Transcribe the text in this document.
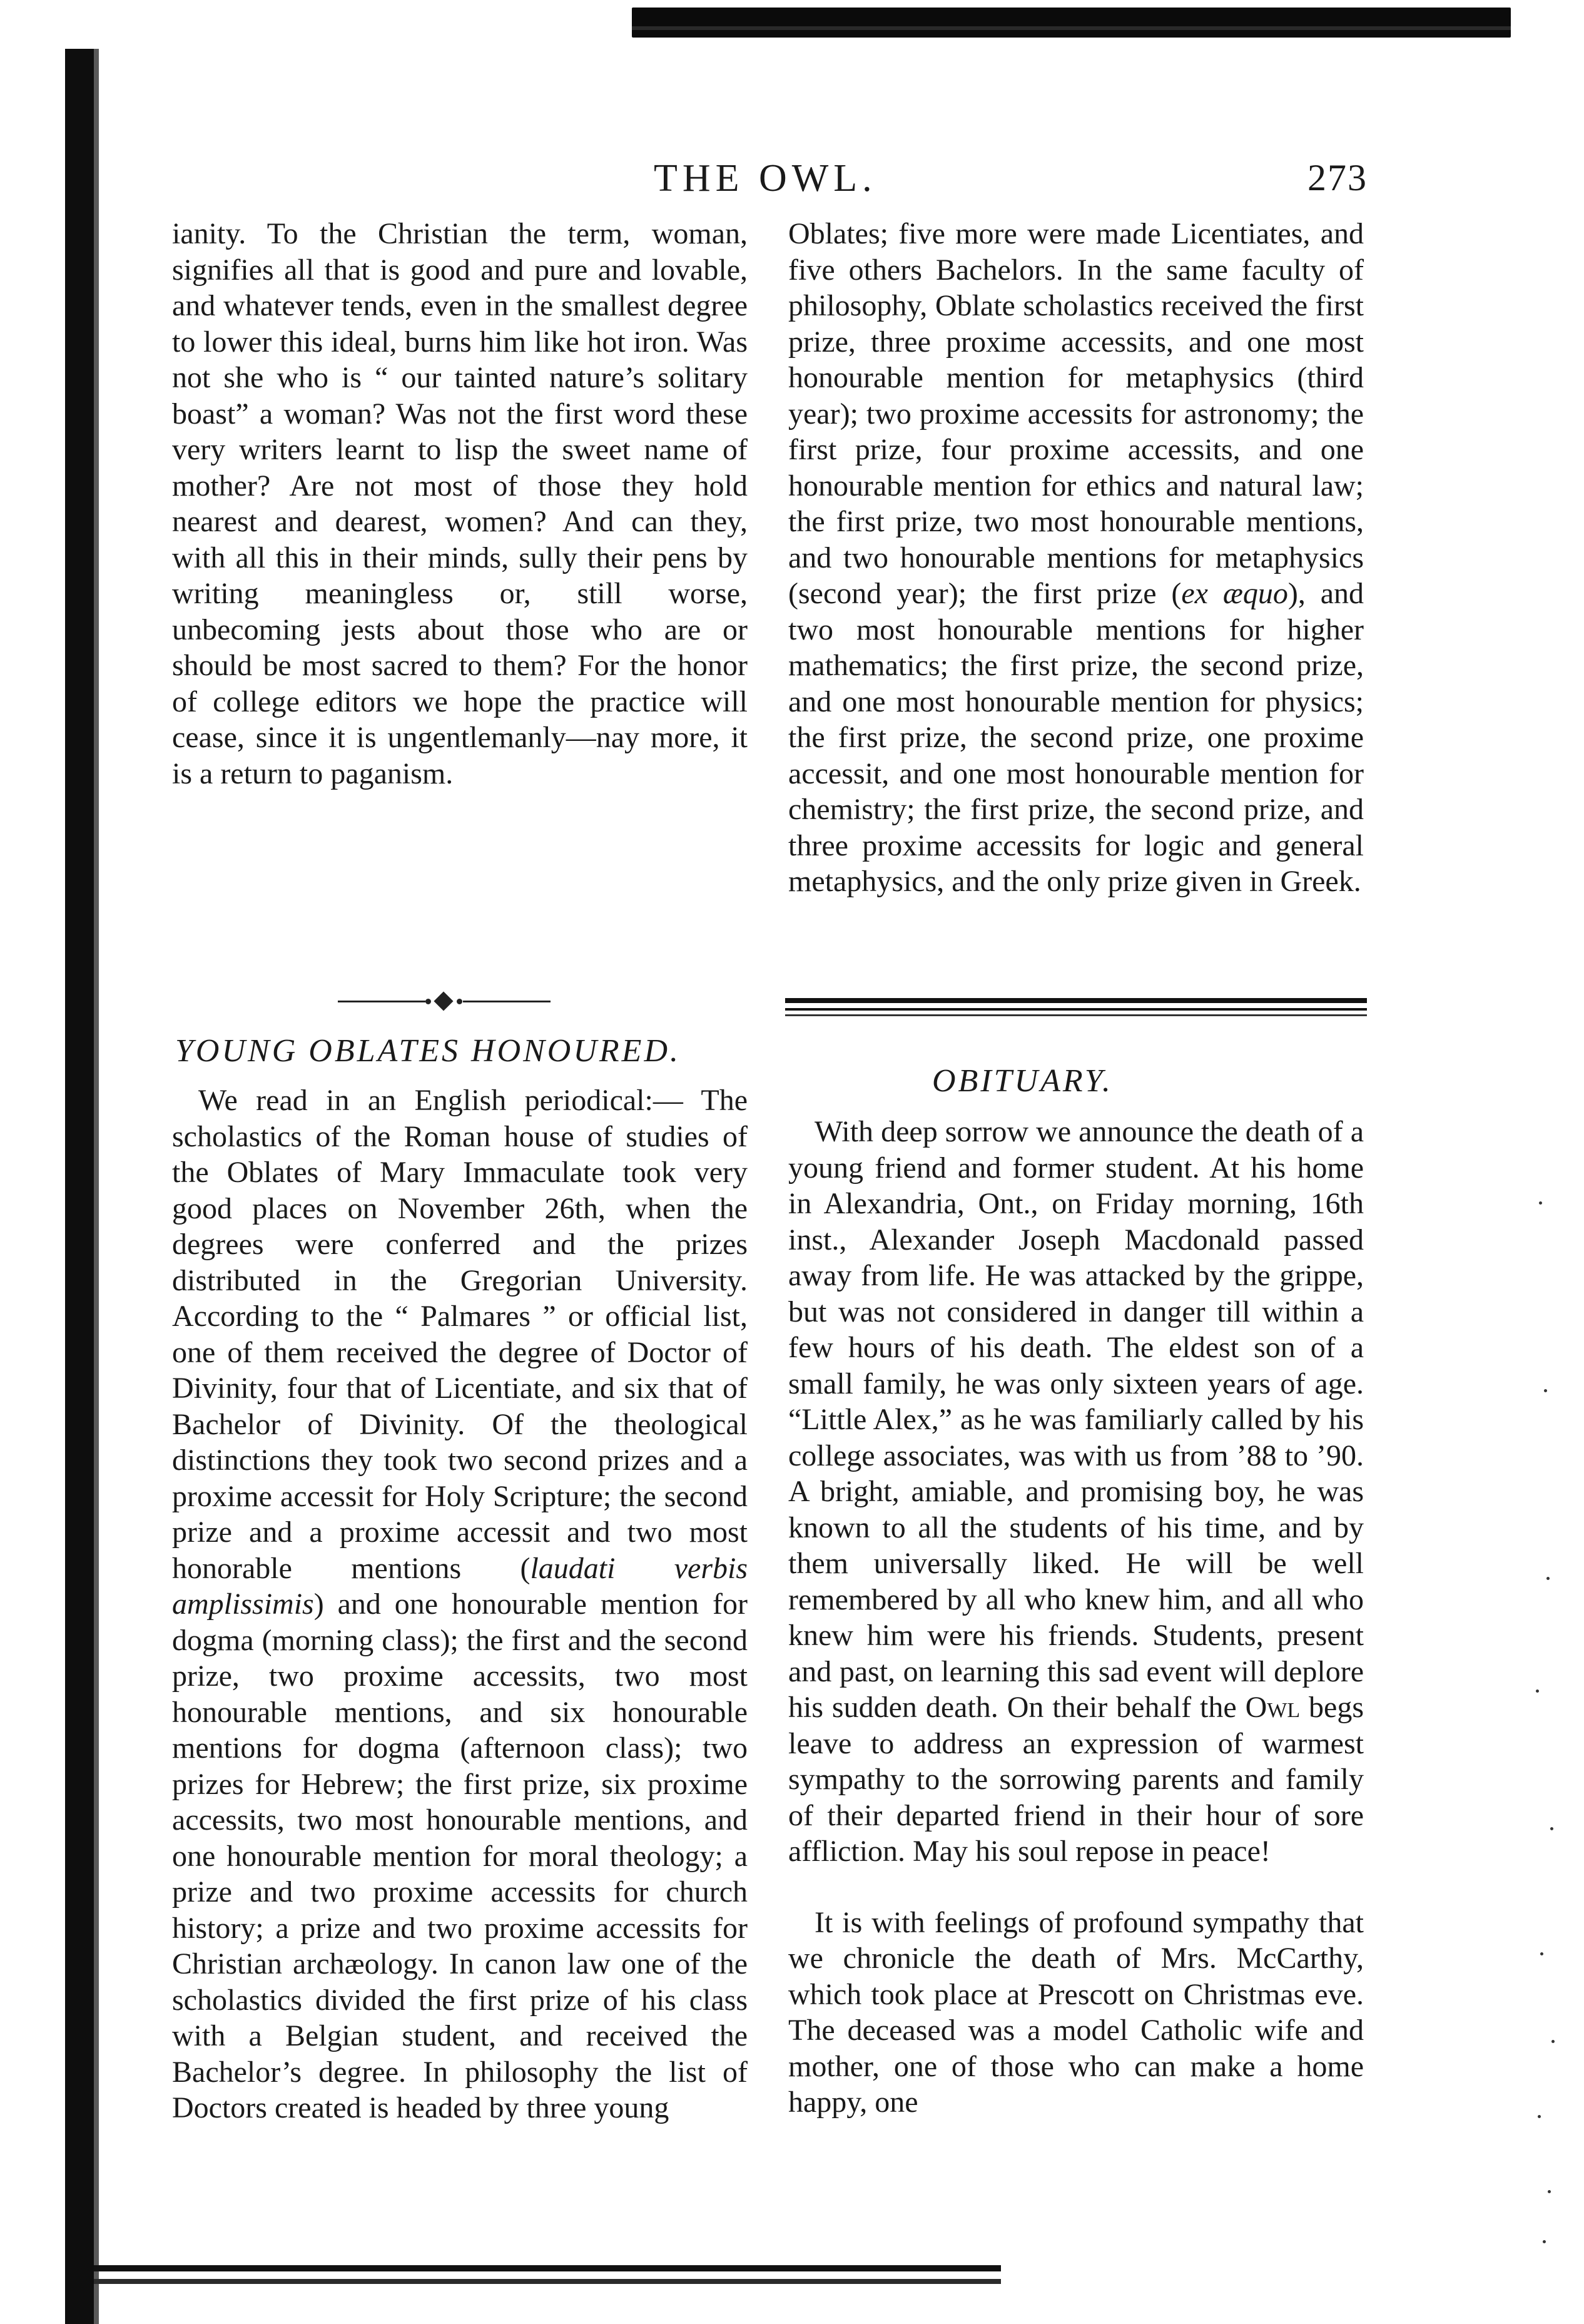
THE OWL.	273

ianity. To the Christian the term, woman, signifies all that is good and pure and lovable, and whatever tends, even in the smallest degree to lower this ideal, burns him like hot iron. Was not she who is “ our tainted nature’s solitary boast” a woman? Was not the first word these very writers learnt to lisp the sweet name of mother? Are not most of those they hold nearest and dearest, women? And can they, with all this in their minds, sully their pens by writing meaningless or, still worse, unbecoming jests about those who are or should be most sacred to them? For the honor of college editors we hope the practice will cease, since it is ungentlemanly—nay more, it is a return to paganism.

YOUNG OBLATES HONOURED.

We read in an English periodical:— The scholastics of the Roman house of studies of the Oblates of Mary Immaculate took very good places on November 26th, when the degrees were conferred and the prizes distributed in the Gregorian University. According to the “ Palmares ” or official list, one of them received the degree of Doctor of Divinity, four that of Licentiate, and six that of Bachelor of Divinity. Of the theological distinctions they took two second prizes and a proxime accessit for Holy Scripture; the second prize and a proxime accessit and two most honorable mentions (laudati verbis amplissimis) and one honourable mention for dogma (morning class); the first and the second prize, two proxime accessits, two most honourable mentions, and six honourable mentions for dogma (afternoon class); two prizes for Hebrew; the first prize, six proxime accessits, two most honourable mentions, and one honourable mention for moral theology; a prize and two proxime accessits for church history; a prize and two proxime accessits for Christian archæology. In canon law one of the scholastics divided the first prize of his class with a Belgian student, and received the Bachelor’s degree. In philosophy the list of Doctors created is headed by three young

Oblates; five more were made Licentiates, and five others Bachelors. In the same faculty of philosophy, Oblate scholastics received the first prize, three proxime accessits, and one most honourable mention for metaphysics (third year); two proxime accessits for astronomy; the first prize, four proxime accessits, and one honourable mention for ethics and natural law; the first prize, two most honourable mentions, and two honourable mentions for metaphysics (second year); the first prize (ex æquo), and two most honourable mentions for higher mathematics; the first prize, the second prize, and one most honourable mention for physics; the first prize, the second prize, one proxime accessit, and one most honourable mention for chemistry; the first prize, the second prize, and three proxime accessits for logic and general metaphysics, and the only prize given in Greek.

OBITUARY.

With deep sorrow we announce the death of a young friend and former student. At his home in Alexandria, Ont., on Friday morning, 16th inst., Alexander Joseph Macdonald passed away from life. He was attacked by the grippe, but was not considered in danger till within a few hours of his death. The eldest son of a small family, he was only sixteen years of age. “Little Alex,” as he was familiarly called by his college associates, was with us from ’88 to ’90. A bright, amiable, and promising boy, he was known to all the students of his time, and by them universally liked. He will be well remembered by all who knew him, and all who knew him were his friends. Students, present and past, on learning this sad event will deplore his sudden death. On their behalf the Owl begs leave to address an expression of warmest sympathy to the sorrowing parents and family of their departed friend in their hour of sore affliction. May his soul repose in peace!

It is with feelings of profound sympathy that we chronicle the death of Mrs. McCarthy, which took place at Prescott on Christmas eve. The deceased was a model Catholic wife and mother, one of those who can make a home happy, one
